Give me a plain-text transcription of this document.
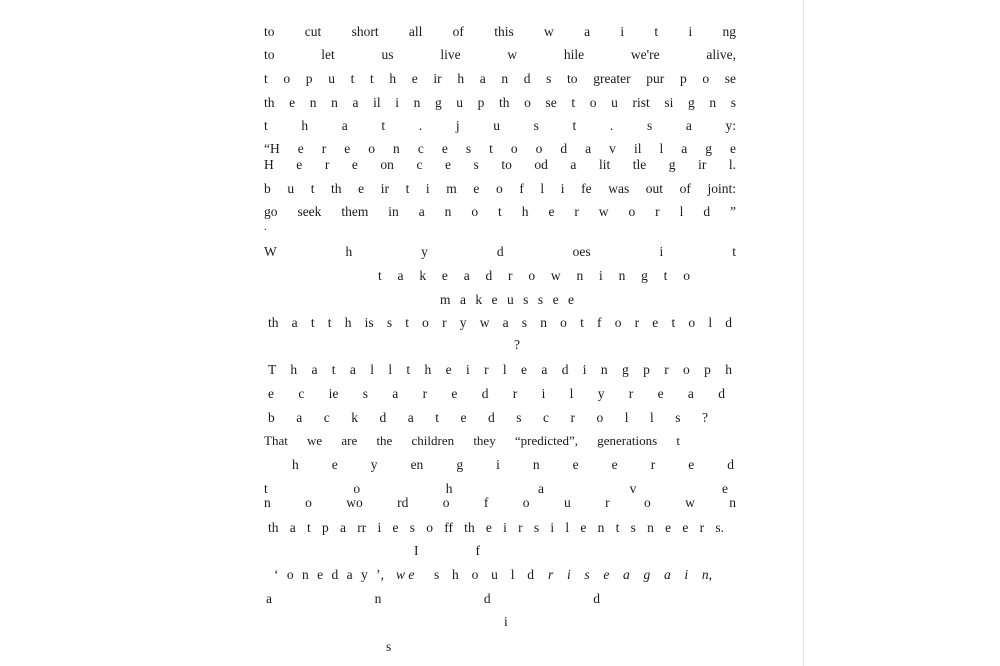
to cut short all of this w a i t i ng
to let us live w hile we're alive,
t o p u t t h e ir h a n d s to greater pur p o se
th e n n a il i n g u p th o se t o u rist si g n s
t h a t . j u s t . s a y:
“H e r e o n c e s t o o d a v il l a g e
H e r e on c e s to od a lit tle g ir l.
b u t th e ir t i m e o f l i fe was out of joint:
go seek them in a n o t h e r w o r l d ”
.
W h y d oes i t
t a k e a d r o w n i n g t o
m a k e u s s e e
th a t t h is s t o r y w a s n o t f o r e t o l d
?
T h a t a l l t h e i r l e a d i n g p r o p h
e c ie s a r e d r i l y r e a d
b a c k d a t e d s c r o l l s ?
That we are the children they “predicted”, generations t
h e y en g i n e e r e d
t o h a v e
n o wo rd o f o u r o w n
th a t p a rr i e s o ff th e i r s i l e n t s n e e r s.
I f
‘ o n e d a y ’, w e	s h o u l d r i s e a g a i n,
a n d d
i
s
